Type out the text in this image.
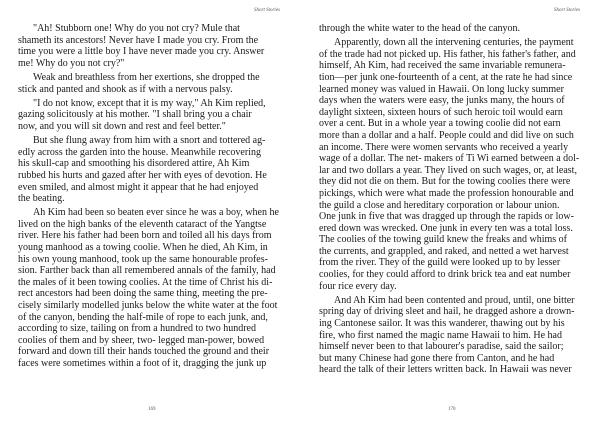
Short Stories

"Ah! Stubborn one! Why do you not cry? Mule that
shameth its ancestors! Never have I made you cry. From the
time you were a little boy I have never made you cry. Answer
me! Why do you not cry?"

Weak and breathless from her exertions, she dropped the
stick and panted and shook as if with a nervous palsy.

"I do not know, except that it is my way," Ah Kim replied,
gazing solicitously at his mother. "I shall bring you a chair
now, and you will sit down and rest and feel better."

But she flung away from him with a snort and tottered ag-
edly across the garden into the house. Meanwhile recovering
his skull-cap and smoothing his disordered attire, Ah Kim
rubbed his hurts and gazed after her with eyes of devotion. He
even smiled, and almost might it appear that he had enjoyed
the beating.

Ah Kim had been so beaten ever since he was a boy, when he
lived on the high banks of the eleventh cataract of the Yangtse
river. Here his father had been born and toiled all his days from
young manhood as a towing coolie. When he died, Ah Kim, in
his own young manhood, took up the same honourable profes-
sion. Farther back than all remembered annals of the family, had
the males of it been towing coolies. At the time of Christ his di-
rect ancestors had been doing the same thing, meeting the pre-
cisely similarly modelled junks below the white water at the foot
of the canyon, bending the half-mile of rope to each junk, and,
according to size, tailing on from a hundred to two hundred
coolies of them and by sheer, two- legged man-power, bowed
forward and down till their hands touched the ground and their
faces were sometimes within a foot of it, dragging the junk up

169
Short Stories

through the white water to the head of the canyon.

Apparently, down all the intervening centuries, the payment
of the trade had not picked up. His father, his father's father, and
himself, Ah Kim, had received the same invariable remunera-
tion—per junk one-fourteenth of a cent, at the rate he had since
learned money was valued in Hawaii. On long lucky summer
days when the waters were easy, the junks many, the hours of
daylight sixteen, sixteen hours of such heroic toil would earn
over a cent. But in a whole year a towing coolie did not earn
more than a dollar and a half. People could and did live on such
an income. There were women servants who received a yearly
wage of a dollar. The net- makers of Ti Wi earned between a dol-
lar and two dollars a year. They lived on such wages, or, at least,
they did not die on them. But for the towing coolies there were
pickings, which were what made the profession honourable and
the guild a close and hereditary corporation or labour union.
One junk in five that was dragged up through the rapids or low-
ered down was wrecked. One junk in every ten was a total loss.
The coolies of the towing guild knew the freaks and whims of
the currents, and grappled, and raked, and netted a wet harvest
from the river. They of the guild were looked up to by lesser
coolies, for they could afford to drink brick tea and eat number
four rice every day.

And Ah Kim had been contented and proud, until, one bitter
spring day of driving sleet and hail, he dragged ashore a drown-
ing Cantonese sailor. It was this wanderer, thawing out by his
fire, who first named the magic name Hawaii to him. He had
himself never been to that labourer's paradise, said the sailor;
but many Chinese had gone there from Canton, and he had
heard the talk of their letters written back. In Hawaii was never

170
